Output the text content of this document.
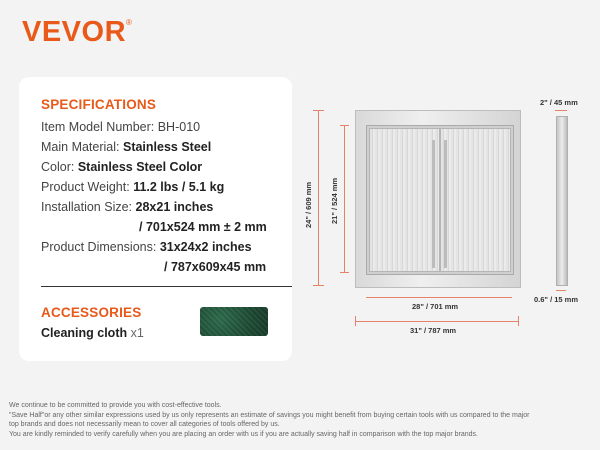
VEVOR®
SPECIFICATIONS
Item Model Number: BH-010
Main Material: Stainless Steel
Color: Stainless Steel Color
Product Weight: 11.2 lbs / 5.1 kg
Installation Size: 28x21 inches
/ 701x524 mm ± 2 mm
Product Dimensions: 31x24x2 inches
/ 787x609x45 mm
ACCESSORIES
Cleaning cloth x1
24" / 609 mm 21" / 524 mm
28" / 701 mm
31" / 787 mm
2" / 45 mm
0.6" / 15 mm
We continue to be committed to provide you with cost-effective tools.
"Save Half"or any other similar expressions used by us only represents an estimate of savings you might benefit from buying certain tools with us compared to the major
top brands and does not necessarily mean to cover all categories of tools offered by us.
You are kindly reminded to verify carefully when you are placing an order with us if you are actually saving half in comparison with the top major brands.
